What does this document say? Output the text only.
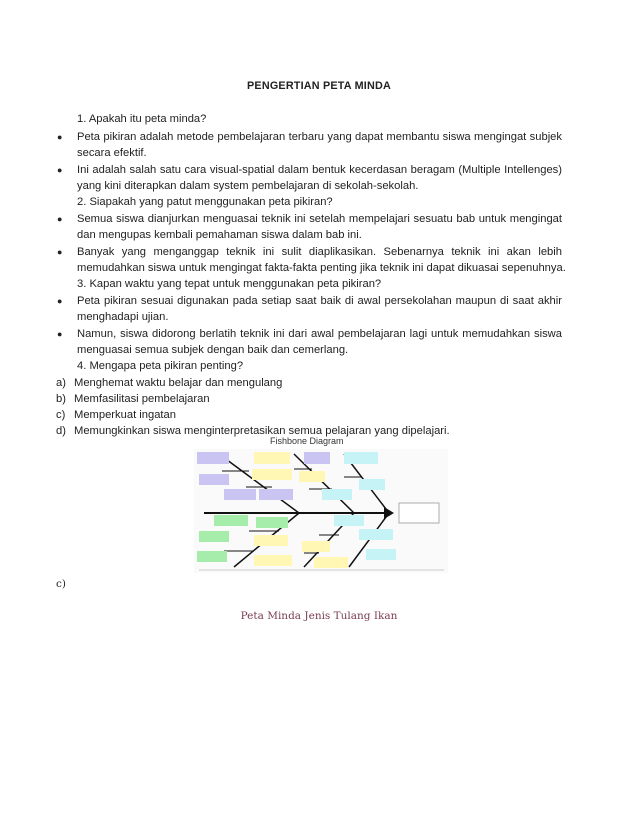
PENGERTIAN PETA MINDA
1. Apakah itu peta minda?
● Peta pikiran adalah metode pembelajaran terbaru yang dapat membantu siswa mengingat subjek
secara efektif.
● Ini adalah salah satu cara visual-spatial dalam bentuk kecerdasan beragam (Multiple Intellenges)
yang kini diterapkan dalam system pembelajaran di sekolah-sekolah.
2. Siapakah yang patut menggunakan peta pikiran?
● Semua siswa dianjurkan menguasai teknik ini setelah mempelajari sesuatu bab untuk mengingat
dan mengupas kembali pemahaman siswa dalam bab ini.
● Banyak yang menganggap teknik ini sulit diaplikasikan. Sebenarnya teknik ini akan lebih
memudahkan siswa untuk mengingat fakta-fakta penting jika teknik ini dapat dikuasai sepenuhnya.
3. Kapan waktu yang tepat untuk menggunakan peta pikiran?
● Peta pikiran sesuai digunakan pada setiap saat baik di awal persekolahan maupun di saat akhir
menghadapi ujian.
● Namun, siswa didorong berlatih teknik ini dari awal pembelajaran lagi untuk memudahkan siswa
menguasai semua subjek dengan baik dan cemerlang.
4. Mengapa peta pikiran penting?
a) Menghemat waktu belajar dan mengulang
b) Memfasilitasi pembelajaran
c) Memperkuat ingatan
d) Memungkinkan siswa menginterpretasikan semua pelajaran yang dipelajari.
Fishbone Diagram
c)
Peta Minda Jenis Tulang Ikan
